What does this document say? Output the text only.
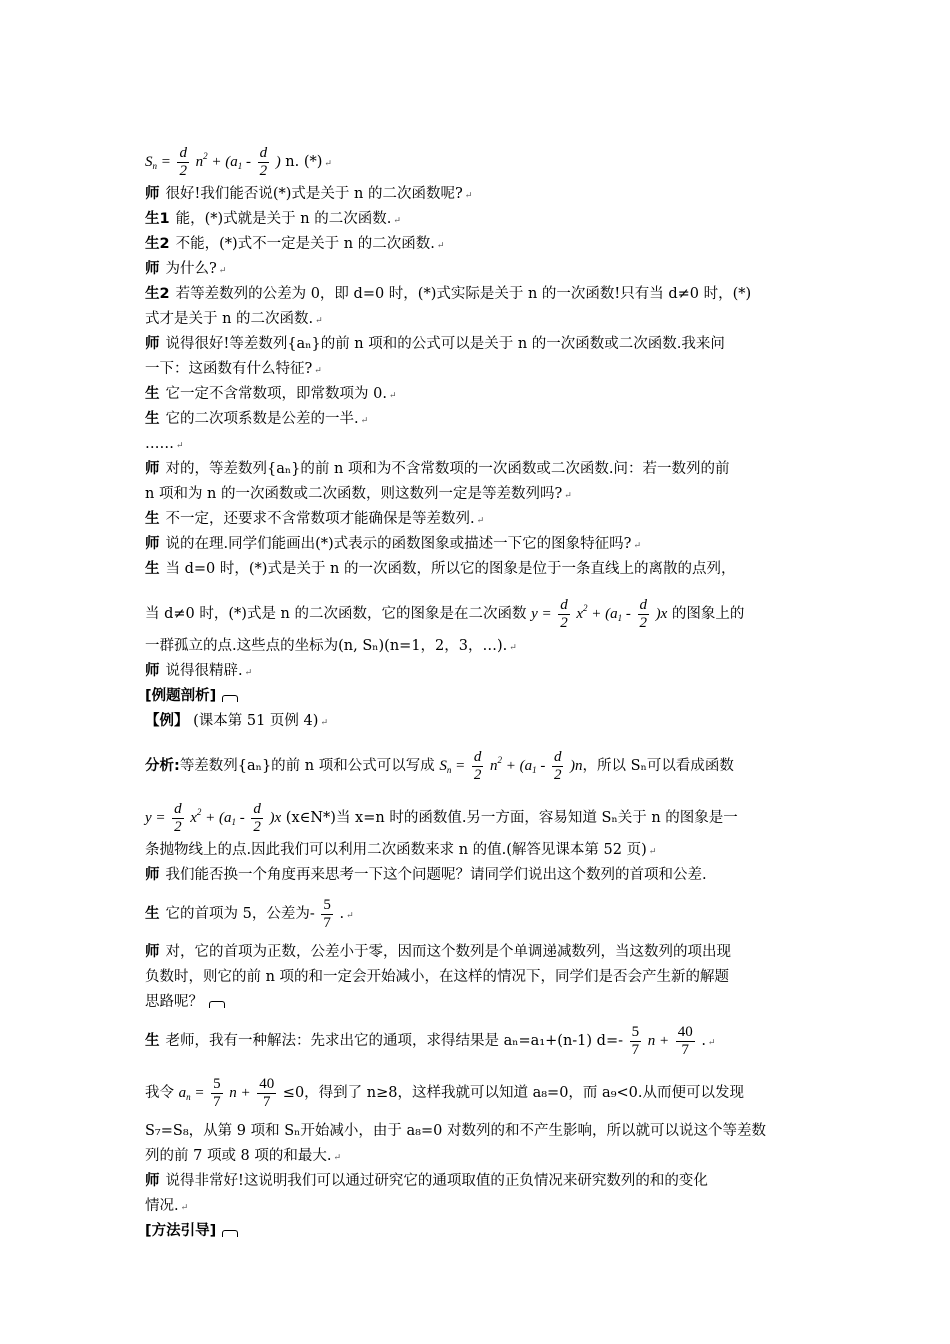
$S_n = \frac{d}{2} n^2 + (a_1 - \frac{d}{2}$ ) n. (*) ↵
师 很好!我们能否说(*)式是关于 n 的二次函数呢? ↵
生1 能，(*)式就是关于 n 的二次函数. ↵
生2 不能，(*)式不一定是关于 n 的二次函数. ↵
师 为什么? ↵
生2 若等差数列的公差为 0，即 d=0 时，(*)式实际是关于 n 的一次函数!只有当 d≠0 时，(*)
式才是关于 n 的二次函数. ↵
师 说得很好!等差数列{aₙ}的前 n 项和的公式可以是关于 n 的一次函数或二次函数.我来问
一下：这函数有什么特征? ↵
生 它一定不含常数项，即常数项为 0. ↵
生 它的二次项系数是公差的一半. ↵
…… ↵
师 对的，等差数列{aₙ}的前 n 项和为不含常数项的一次函数或二次函数.问：若一数列的前
n 项和为 n 的一次函数或二次函数，则这数列一定是等差数列吗? ↵
生 不一定，还要求不含常数项才能确保是等差数列. ↵
师 说的在理.同学们能画出(*)式表示的函数图象或描述一下它的图象特征吗? ↵
生 当 d=0 时，(*)式是关于 n 的一次函数，所以它的图象是位于一条直线上的离散的点列，
当 d≠0 时，(*)式是 n 的二次函数，它的图象是在二次函数 $y = \frac{d}{2} x^2 + (a_1 - \frac{d}{2} )x$ 的图象上的
一群孤立的点.这些点的坐标为(n, Sₙ)(n=1，2，3，…). ↵
师 说得很精辟. ↵
[例题剖析]
【例】 (课本第 51 页例 4) ↵
分析:等差数列{aₙ}的前 n 项和公式可以写成 $S_n = \frac{d}{2} n^2 + (a_1 - \frac{d}{2} )n$，所以 Sₙ可以看成函数
$y = \frac{d}{2} x^2 + (a_1 - \frac{d}{2} )x$ (x∈N*)当 x=n 时的函数值.另一方面，容易知道 Sₙ关于 n 的图象是一
条抛物线上的点.因此我们可以利用二次函数来求 n 的值.(解答见课本第 52 页) ↵
师 我们能否换一个角度再来思考一下这个问题呢？请同学们说出这个数列的首项和公差.
生 它的首项为 5，公差为- $\frac{5}{7}$ . ↵
师 对，它的首项为正数，公差小于零，因而这个数列是个单调递减数列，当这数列的项出现
负数时，则它的前 n 项的和一定会开始减小，在这样的情况下，同学们是否会产生新的解题
思路呢？
生 老师，我有一种解法：先求出它的通项，求得结果是 aₙ=a₁+(n-1) $d=- \frac{5}{7}$ $n + \frac{40}{7}$ . ↵
我令 $a_n = \frac{5}{7}$ $n + \frac{40}{7} \le 0$，得到了 n≥8，这样我就可以知道 a₈=0，而 a₉<0.从而便可以发现
S₇=S₈，从第 9 项和 Sₙ开始减小，由于 a₈=0 对数列的和不产生影响，所以就可以说这个等差数
列的前 7 项或 8 项的和最大. ↵
师 说得非常好!这说明我们可以通过研究它的通项取值的正负情况来研究数列的和的变化
情况. ↵
[方法引导]
